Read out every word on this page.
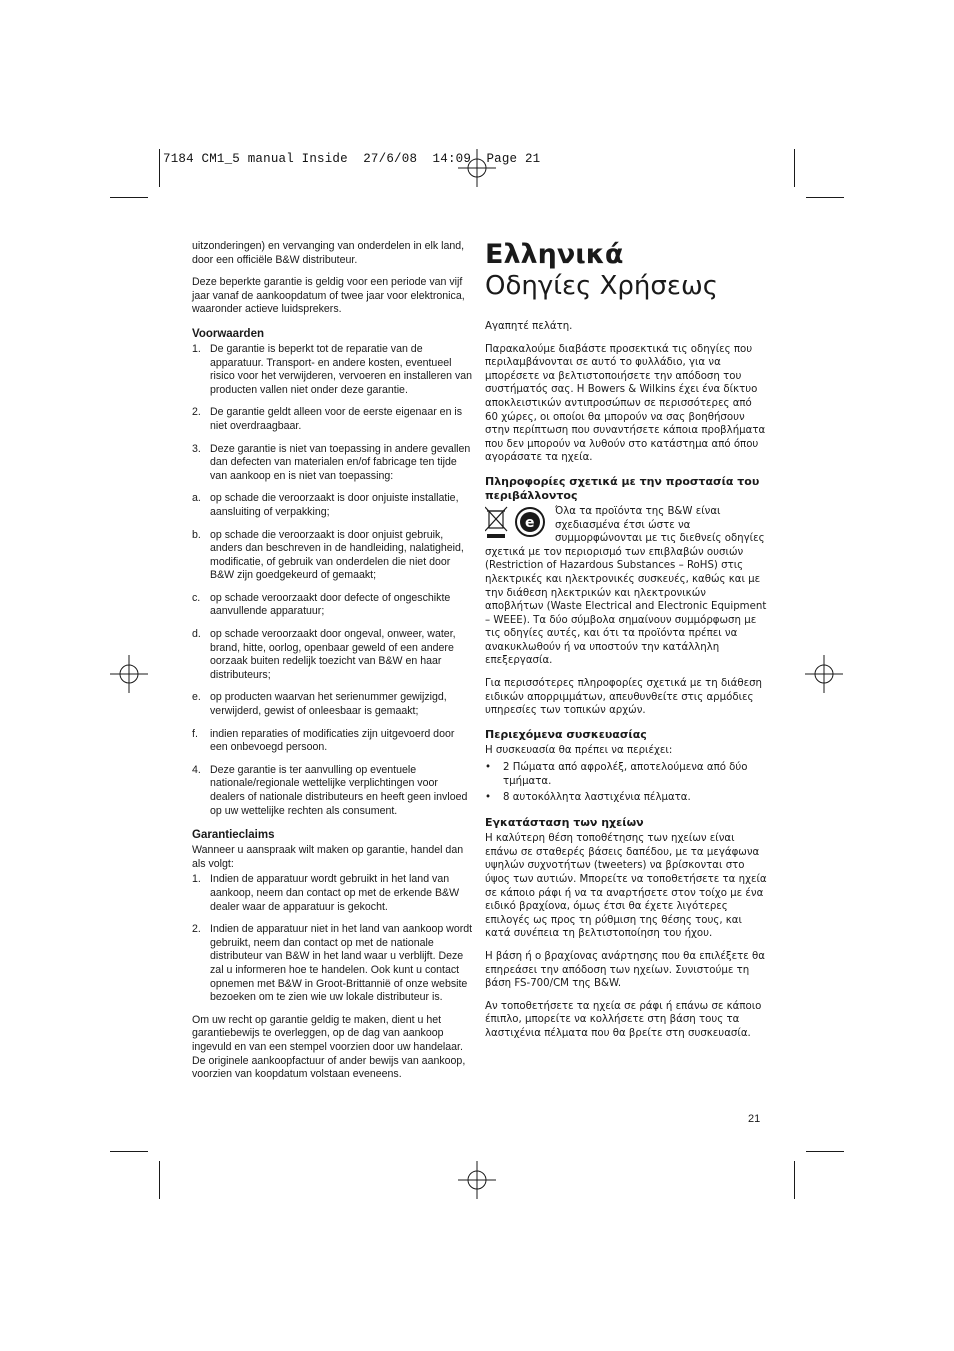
7184 CM1_5 manual Inside  27/6/08  14:09  Page 21

uitzonderingen) en vervanging van onderdelen in elk land, door een officiële B&W distributeur.

Deze beperkte garantie is geldig voor een periode van vijf jaar vanaf de aankoopdatum of twee jaar voor elektronica, waaronder actieve luidsprekers.

Voorwaarden
1. De garantie is beperkt tot de reparatie van de apparatuur. Transport- en andere kosten, eventueel risico voor het verwijderen, vervoeren en installeren van producten vallen niet onder deze garantie.
2. De garantie geldt alleen voor de eerste eigenaar en is niet overdraagbaar.
3. Deze garantie is niet van toepassing in andere gevallen dan defecten van materialen en/of fabricage ten tijde van aankoop en is niet van toepassing:
a. op schade die veroorzaakt is door onjuiste installatie, aansluiting of verpakking;
b. op schade die veroorzaakt is door onjuist gebruik, anders dan beschreven in de handleiding, nalatigheid, modificatie, of gebruik van onderdelen die niet door B&W zijn goedgekeurd of gemaakt;
c. op schade veroorzaakt door defecte of ongeschikte aanvullende apparatuur;
d. op schade veroorzaakt door ongeval, onweer, water, brand, hitte, oorlog, openbaar geweld of een andere oorzaak buiten redelijk toezicht van B&W en haar distributeurs;
e. op producten waarvan het serienummer gewijzigd, verwijderd, gewist of onleesbaar is gemaakt;
f. indien reparaties of modificaties zijn uitgevoerd door een onbevoegd persoon.
4. Deze garantie is ter aanvulling op eventuele nationale/regionale wettelijke verplichtingen voor dealers of nationale distributeurs en heeft geen invloed op uw wettelijke rechten als consument.
Garantieclaims

Wanneer u aanspraak wilt maken op garantie, handel dan als volgt:

1. Indien de apparatuur wordt gebruikt in het land van aankoop, neem dan contact op met de erkende B&W dealer waar de apparatuur is gekocht.
2. Indien de apparatuur niet in het land van aankoop wordt gebruikt, neem dan contact op met de nationale distributeur van B&W in het land waar u verblijft. Deze zal u informeren hoe te handelen. Ook kunt u contact opnemen met B&W in Groot-Brittannië of onze website bezoeken om te zien wie uw lokale distributeur is.

Om uw recht op garantie geldig te maken, dient u het garantiebewijs te overleggen, op de dag van aankoop ingevuld en van een stempel voorzien door uw handelaar. De originele aankoopfactuur of ander bewijs van aankoop, voorzien van koopdatum volstaan eveneens.

Ελληνικά
Οδηγίες Χρήσεως

Αγαπητέ πελάτη.

Παρακαλούμε διαβάστε προσεκτικά τις οδηγίες που περιλαμβάνονται σε αυτό το φυλλάδιο, για να μπορέσετε να βελτιστοποιήσετε την απόδοση του συστήματός σας. Η Bowers & Wilkins έχει ένα δίκτυο αποκλειστικών αντιπροσώπων σε περισσότερες από 60 χώρες, οι οποίοι θα μπορούν να σας βοηθήσουν στην περίπτωση που συναντήσετε κάποια προβλήματα που δεν μπορούν να λυθούν στο κατάστημα από όπου αγοράσατε τα ηχεία.

Πληροφορίες σχετικά με την προστασία του περιβάλλοντος
e

Όλα τα προϊόντα της B&W είναι σχεδιασμένα έτσι ώστε να συμμορφώνονται με τις διεθνείς οδηγίες σχετικά με τον περιορισμό των επιβλαβών ουσιών (Restriction of Hazardous Substances – RoHS) στις ηλεκτρικές και ηλεκτρονικές συσκευές, καθώς και με την διάθεση ηλεκτρικών και ηλεκτρονικών αποβλήτων (Waste Electrical and Electronic Equipment – WEEE). Τα δύο σύμβολα σημαίνουν συμμόρφωση με τις οδηγίες αυτές, και ότι τα προϊόντα πρέπει να ανακυκλωθούν ή να υποστούν την κατάλληλη επεξεργασία.

Για περισσότερες πληροφορίες σχετικά με τη διάθεση ειδικών απορριμμάτων, απευθυνθείτε στις αρμόδιες υπηρεσίες των τοπικών αρχών.

Περιεχόμενα συσκευασίας

Η συσκευασία θα πρέπει να περιέχει:

• 2 Πώματα από αφρολέξ, αποτελούμενα από δύο τμήματα.
• 8 αυτοκόλλητα λαστιχένια πέλματα.
Εγκατάσταση των ηχείων

Η καλύτερη θέση τοποθέτησης των ηχείων είναι επάνω σε σταθερές βάσεις δαπέδου, με τα μεγάφωνα υψηλών συχνοτήτων (tweeters) να βρίσκονται στο ύψος των αυτιών. Μπορείτε να τοποθετήσετε τα ηχεία σε κάποιο ράφι ή να τα αναρτήσετε στον τοίχο με ένα ειδικό βραχίονα, όμως έτσι θα έχετε λιγότερες επιλογές ως προς τη ρύθμιση της θέσης τους, και κατά συνέπεια τη βελτιστοποίηση του ήχου.

Η βάση ή ο βραχίονας ανάρτησης που θα επιλέξετε θα επηρεάσει την απόδοση των ηχείων. Συνιστούμε τη βάση FS-700/CM της B&W.

Αν τοποθετήσετε τα ηχεία σε ράφι ή επάνω σε κάποιο έπιπλο, μπορείτε να κολλήσετε στη βάση τους τα λαστιχένια πέλματα που θα βρείτε στη συσκευασία.

21
